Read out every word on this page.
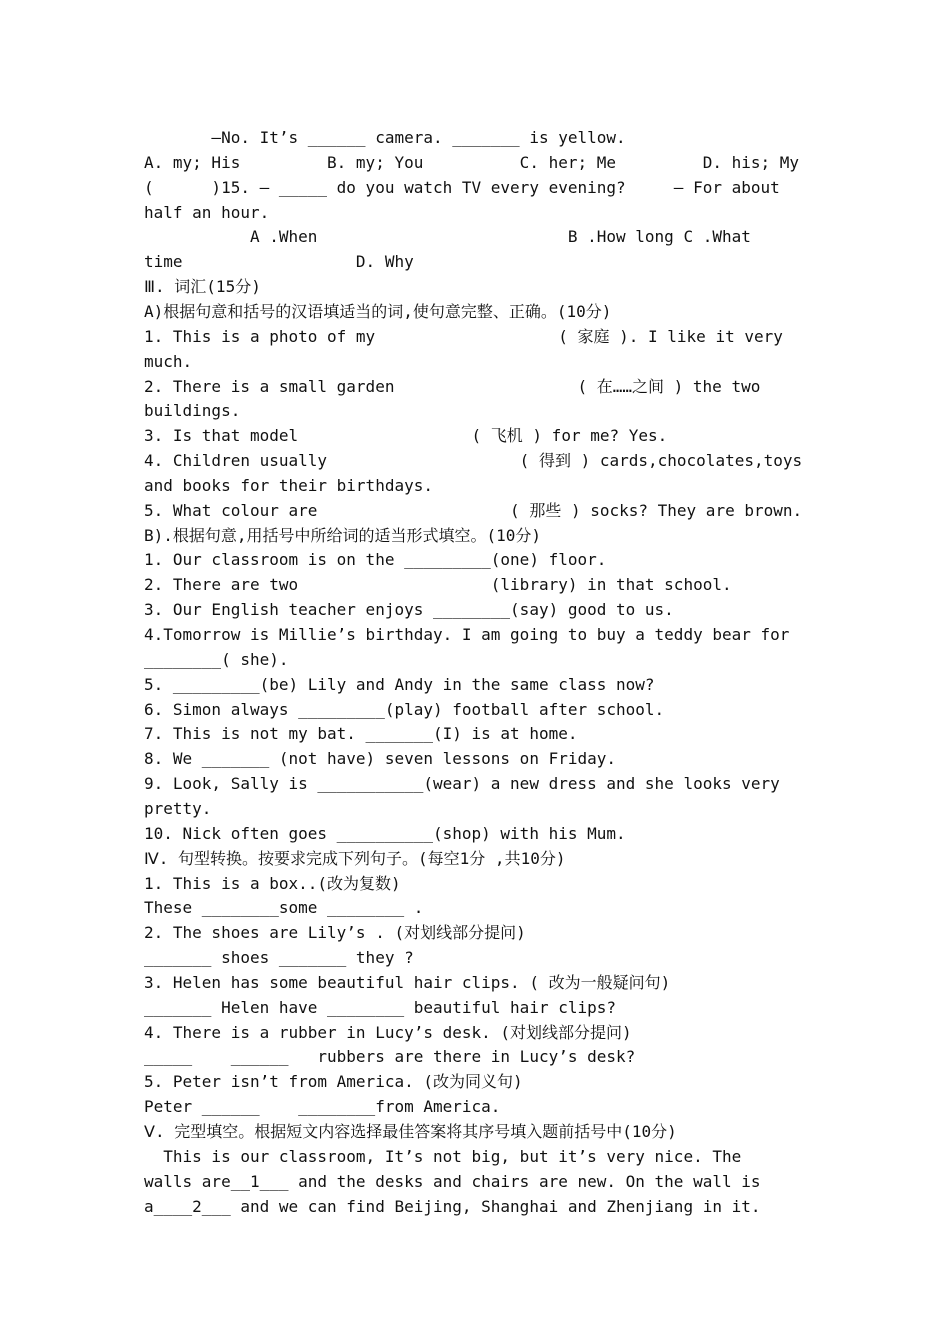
—No. It’s ______ camera. _______ is yellow.
A. my; His         B. my; You          C. her; Me         D. his; My
(      )15. — _____ do you watch TV every evening?     — For about
half an hour.
A .When                          B .How long C .What
time                  D. Why
Ⅲ. 词汇(15分)
A)根据句意和括号的汉语填适当的词,使句意完整、正确。(10分)
1. This is a photo of my                   ( 家庭 ). I like it very
much.
2. There is a small garden                   ( 在……之间 ) the two
buildings.
3. Is that model                  ( 飞机 ) for me? Yes.
4. Children usually                    ( 得到 ) cards,chocolates,toys
and books for their birthdays.
5. What colour are                    ( 那些 ) socks? They are brown.
B).根据句意,用括号中所给词的适当形式填空。(10分)
1. Our classroom is on the _________(one) floor.
2. There are two                    (library) in that school.
3. Our English teacher enjoys ________(say) good to us.
4.Tomorrow is Millie’s birthday. I am going to buy a teddy bear for
________( she).
5. _________(be) Lily and Andy in the same class now?
6. Simon always _________(play) football after school.
7. This is not my bat. _______(I) is at home.
8. We _______ (not have) seven lessons on Friday.
9. Look, Sally is ___________(wear) a new dress and she looks very
pretty.
10. Nick often goes __________(shop) with his Mum.
Ⅳ. 句型转换。按要求完成下列句子。(每空1分 ,共10分)
1. This is a box..(改为复数)
These ________some ________ .
2. The shoes are Lily’s . (对划线部分提问)
_______ shoes _______ they ?
3. Helen has some beautiful hair clips. ( 改为一般疑问句)
_______ Helen have ________ beautiful hair clips?
4. There is a rubber in Lucy’s desk. (对划线部分提问)
_____    ______   rubbers are there in Lucy’s desk?
5. Peter isn’t from America. (改为同义句)
Peter ______    ________from America.
Ⅴ. 完型填空。根据短文内容选择最佳答案将其序号填入题前括号中(10分)
This is our classroom, It’s not big, but it’s very nice. The
walls are__1___ and the desks and chairs are new. On the wall is
a____2___ and we can find Beijing, Shanghai and Zhenjiang in it.
